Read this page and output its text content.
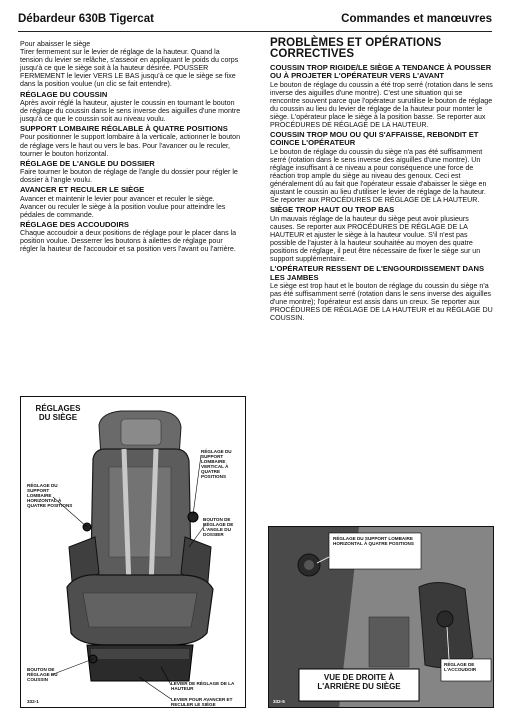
Débardeur 630B Tigercat	Commandes et manœuvres
Pour abaisser le siège
Tirer fermement sur le levier de réglage de la hauteur. Quand la tension du levier se relâche, s'asseoir en appliquant le poids du corps jusqu'à ce que le siège soit à la hauteur désirée. POUSSER FERMEMENT le levier VERS LE BAS jusqu'à ce que le siège se fixe dans la position voulue (un clic se fait entendre).
RÉGLAGE DU COUSSIN
Après avoir réglé la hauteur, ajuster le coussin en tournant le bouton de réglage du coussin dans le sens inverse des aiguilles d'une montre jusqu'à ce que le coussin soit au niveau voulu.
SUPPORT LOMBAIRE RÉGLABLE À QUATRE POSITIONS
Pour positionner le support lombaire à la verticale, actionner le bouton de réglage vers le haut ou vers le bas. Pour l'avancer ou le reculer, tourner le bouton horizontal.
RÉGLAGE DE L'ANGLE DU DOSSIER
Faire tourner le bouton de réglage de l'angle du dossier pour régler le dossier à l'angle voulu.
AVANCER ET RECULER LE SIÈGE
Avancer et maintenir le levier pour avancer et reculer le siège. Avancer ou reculer le siège à la position voulue pour atteindre les pédales de commande.
RÉGLAGE DES ACCOUDOIRS
Chaque accoudoir a deux positions de réglage pour le placer dans la position voulue. Desserrer les boutons à ailettes de réglage pour régler la hauteur de l'accoudoir et sa position vers l'avant ou l'arrière.
PROBLÈMES ET OPÉRATIONS CORRECTIVES
COUSSIN TROP RIGIDE/LE SIÈGE A TENDANCE À POUSSER OU À PROJETER L'OPÉRATEUR VERS L'AVANT
Le bouton de réglage du coussin a été trop serré (rotation dans le sens inverse des aiguilles d'une montre). C'est une situation qui se rencontre souvent parce que l'opérateur surutilise le bouton de réglage du coussin au lieu du levier de réglage de la hauteur pour monter le siège. L'opérateur place le siège à la position basse. Se reporter aux PROCÉDURES DE RÉGLAGE DE LA HAUTEUR.
COUSSIN TROP MOU OU QUI S'AFFAISSE, REBONDIT ET COINCE L'OPÉRATEUR
Le bouton de réglage du coussin du siège n'a pas été suffisamment serré (rotation dans le sens inverse des aiguilles d'une montre). Un réglage insuffisant à ce niveau a pour conséquence une force de réaction trop ample du siège au niveau des genoux. Ceci est généralement dû au fait que l'opérateur essaie d'abaisser le siège en ajustant le coussin au lieu d'utiliser le levier de réglage de la hauteur. Se reporter aux PROCÉDURES DE RÉGLAGE DE LA HAUTEUR.
SIÈGE TROP HAUT OU TROP BAS
Un mauvais réglage de la hauteur du siège peut avoir plusieurs causes. Se reporter aux PROCÉDURES DE RÉGLAGE DE LA HAUTEUR et ajuster le siège à la hauteur voulue. S'il n'est pas possible de l'ajuster à la hauteur souhaitée au moyen des quatre positions de réglage, il peut être nécessaire de fixer le siège sur un support supplémentaire.
L'OPÉRATEUR RESSENT DE L'ENGOURDISSEMENT DANS LES JAMBES
Le siège est trop haut et le bouton de réglage du coussin du siège n'a pas été suffisamment serré (rotation dans le sens inverse des aiguilles d'une montre); l'opérateur est assis dans un creux. Se reporter aux PROCÉDURES DE RÉGLAGE DE LA HAUTEUR et au RÉGLAGE DU COUSSIN.
RÉGLAGES DU SIÈGE
RÉGLAGE DU SUPPORT LOMBAIRE VERTICAL À QUATRE POSITIONS
RÉGLAGE DU SUPPORT LOMBAIRE HORIZONTAL À QUATRE POSITIONS
BOUTON DE RÉGLAGE DE L'ANGLE DU DOSSIER
BOUTON DE RÉGLAGE DU COUSSIN
LEVIER DE RÉGLAGE DE LA HAUTEUR
LEVIER POUR AVANCER ET RECULER LE SIÈGE
332-1
RÉGLAGE DU SUPPORT LOMBAIRE HORIZONTAL À QUATRE POSITIONS
RÉGLAGE DE L'ACCOUDOIR
VUE DE DROITE À L'ARRIÈRE DU SIÈGE
332-5
